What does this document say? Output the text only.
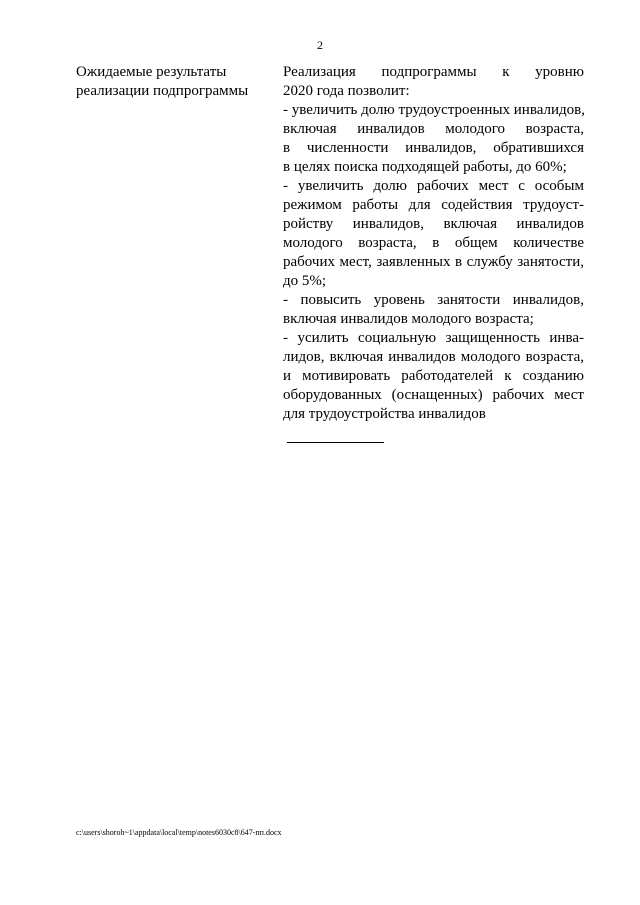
2
Ожидаемые результаты
реализации подпрограммы
Реализация подпрограммы к уровню
2020 года позволит:
- увеличить долю трудоустроенных инвалидов,
включая инвалидов молодого возраста,
в численности инвалидов, обратившихся
в целях поиска подходящей работы, до 60%;
- увеличить долю рабочих мест с особым
режимом работы для содействия трудоуст-
ройству инвалидов, включая инвалидов
молодого возраста, в общем количестве
рабочих мест, заявленных в службу занятости,
до 5%;
- повысить уровень занятости инвалидов,
включая инвалидов молодого возраста;
- усилить социальную защищенность инва-
лидов, включая инвалидов молодого возраста,
и мотивировать работодателей к созданию
оборудованных (оснащенных) рабочих мест
для трудоустройства инвалидов
c:\users\shoroh~1\appdata\local\temp\notes6030c8\647-пп.docx
